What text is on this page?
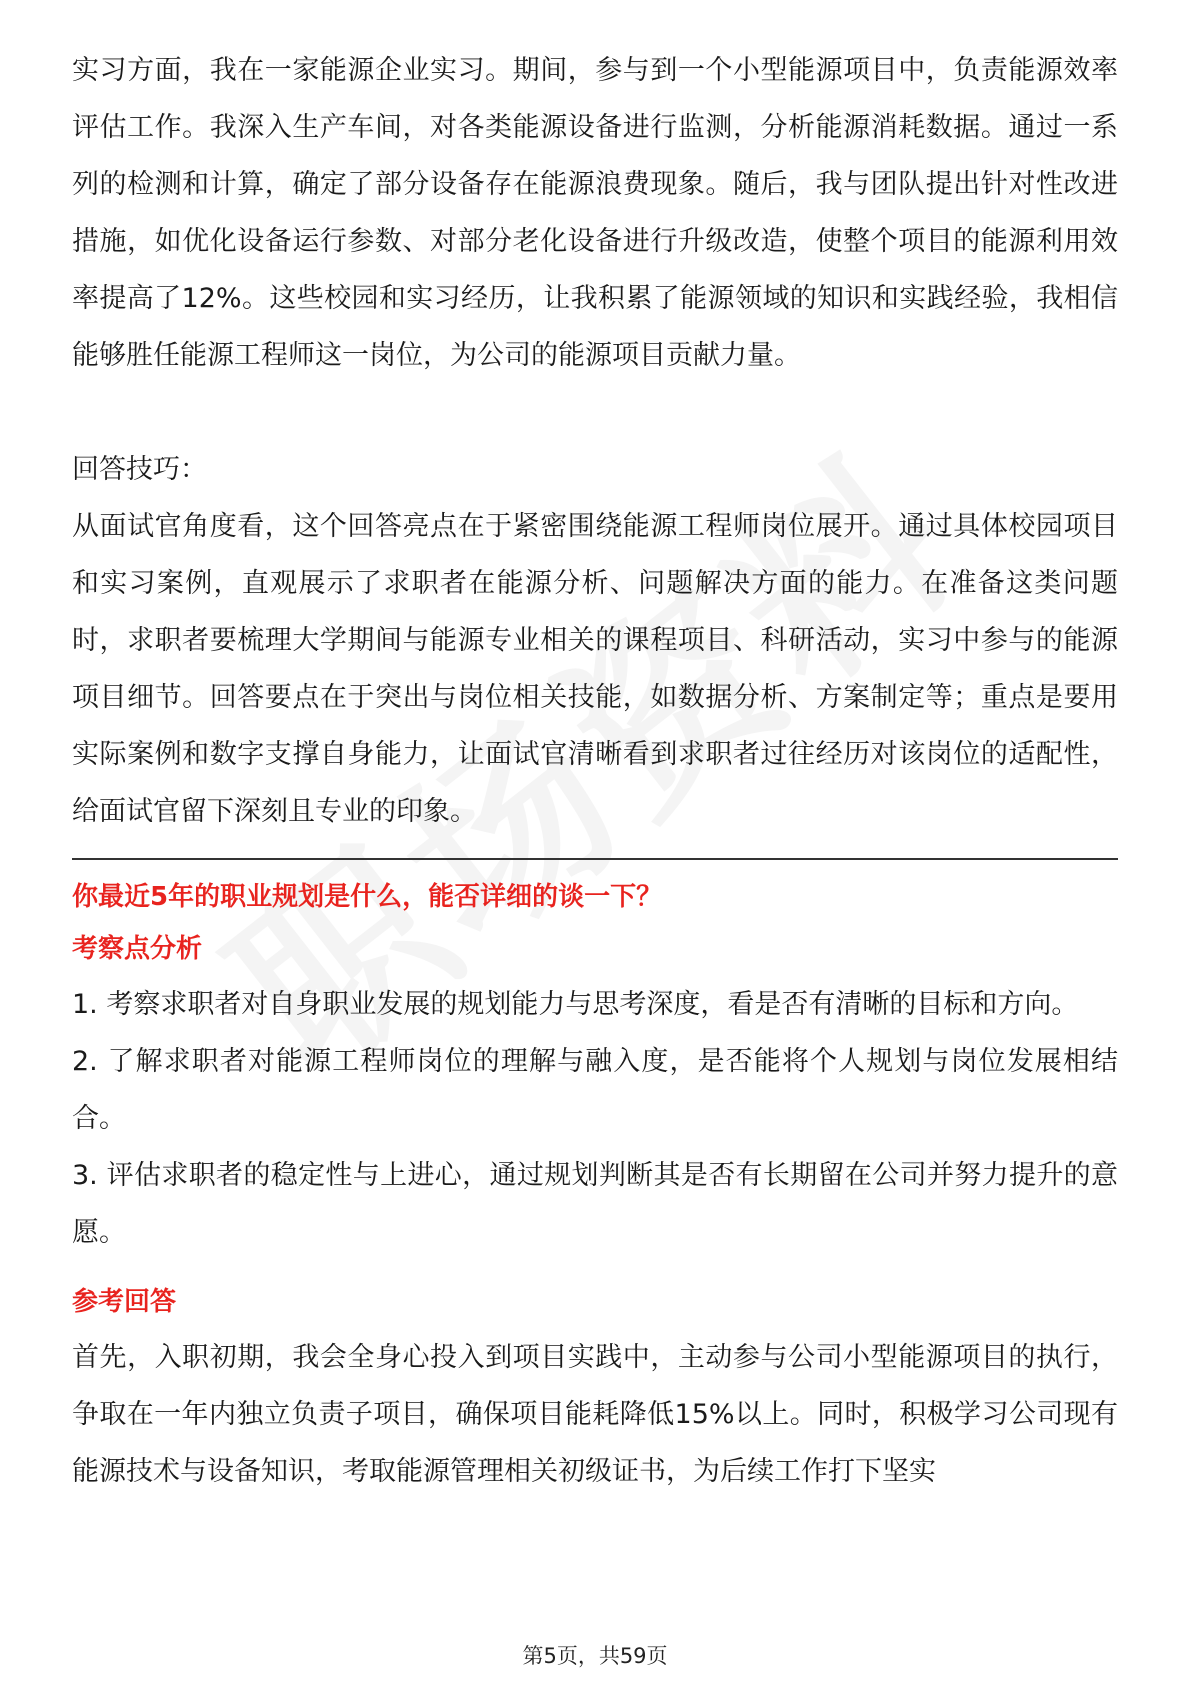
实习方面，我在一家能源企业实习。期间，参与到一个小型能源项目中，负责能源效率评估工作。我深入生产车间，对各类能源设备进行监测，分析能源消耗数据。通过一系列的检测和计算，确定了部分设备存在能源浪费现象。随后，我与团队提出针对性改进措施，如优化设备运行参数、对部分老化设备进行升级改造，使整个项目的能源利用效率提高了12%。这些校园和实习经历，让我积累了能源领域的知识和实践经验，我相信能够胜任能源工程师这一岗位，为公司的能源项目贡献力量。

回答技巧：

从面试官角度看，这个回答亮点在于紧密围绕能源工程师岗位展开。通过具体校园项目和实习案例，直观展示了求职者在能源分析、问题解决方面的能力。在准备这类问题时，求职者要梳理大学期间与能源专业相关的课程项目、科研活动，实习中参与的能源项目细节。回答要点在于突出与岗位相关技能，如数据分析、方案制定等；重点是要用实际案例和数字支撑自身能力，让面试官清晰看到求职者过往经历对该岗位的适配性，给面试官留下深刻且专业的印象。

你最近5年的职业规划是什么，能否详细的谈一下？

考察点分析

1. 考察求职者对自身职业发展的规划能力与思考深度，看是否有清晰的目标和方向。

2. 了解求职者对能源工程师岗位的理解与融入度，是否能将个人规划与岗位发展相结合。

3. 评估求职者的稳定性与上进心，通过规划判断其是否有长期留在公司并努力提升的意愿。

参考回答

首先，入职初期，我会全身心投入到项目实践中，主动参与公司小型能源项目的执行，争取在一年内独立负责子项目，确保项目能耗降低15%以上。同时，积极学习公司现有能源技术与设备知识，考取能源管理相关初级证书，为后续工作打下坚实

第5页，共59页
